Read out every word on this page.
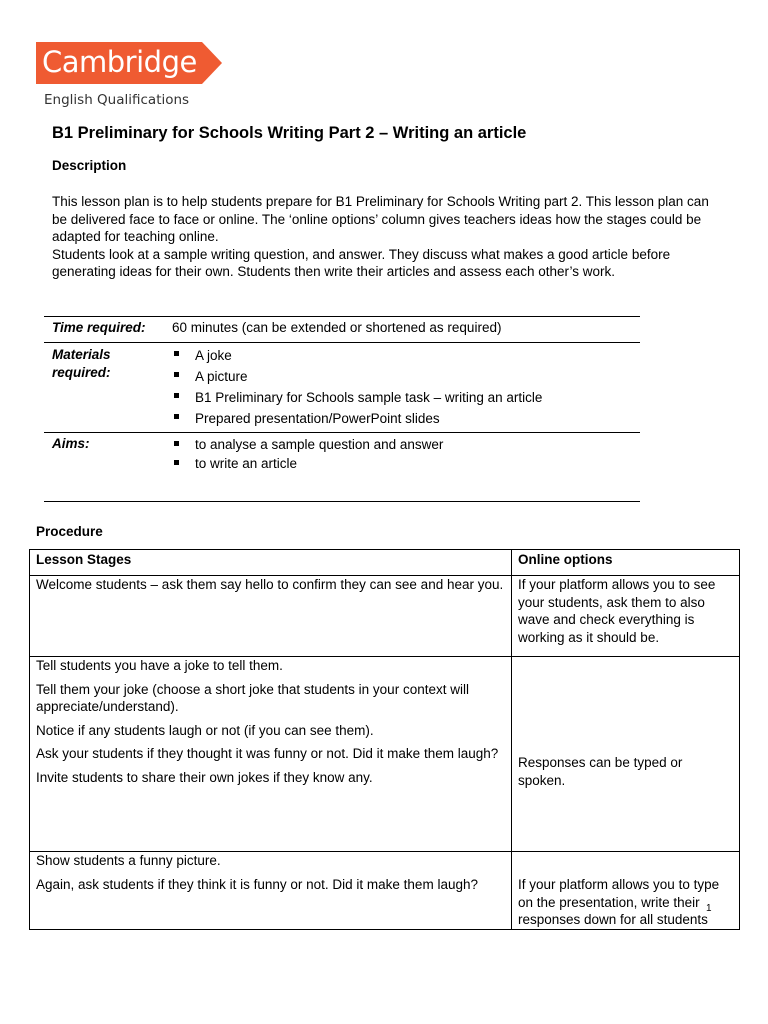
Cambridge
English Qualifications
B1 Preliminary for Schools Writing Part 2 – Writing an article
Description

This lesson plan is to help students prepare for B1 Preliminary for Schools Writing part 2. This lesson plan can be delivered face to face or online. The ‘online options’ column gives teachers ideas how the stages could be adapted for teaching online.

Students look at a sample writing question, and answer. They discuss what makes a good article before generating ideas for their own. Students then write their articles and assess each other’s work.

Time required:	60 minutes (can be extended or shortened as required)
Materials required:
A joke
A picture
B1 Preliminary for Schools sample task – writing an article
Prepared presentation/PowerPoint slides
Aims:	to analyse a sample question and answer
to write an article
Procedure
Lesson Stages	Online options

Welcome students – ask them say hello to confirm they can see and hear you.	If your platform allows you to see your students, ask them to also wave and check everything is working as it should be.

Tell students you have a joke to tell them.

Tell them your joke (choose a short joke that students in your context will appreciate/understand).

Notice if any students laugh or not (if you can see them).

Ask your students if they thought it was funny or not. Did it make them laugh?

Invite students to share their own jokes if they know any.	Responses can be typed or spoken.

Show students a funny picture.

Again, ask students if they think it is funny or not. Did it make them laugh?	If your platform allows you to type on the presentation, write their responses down for all students
1
